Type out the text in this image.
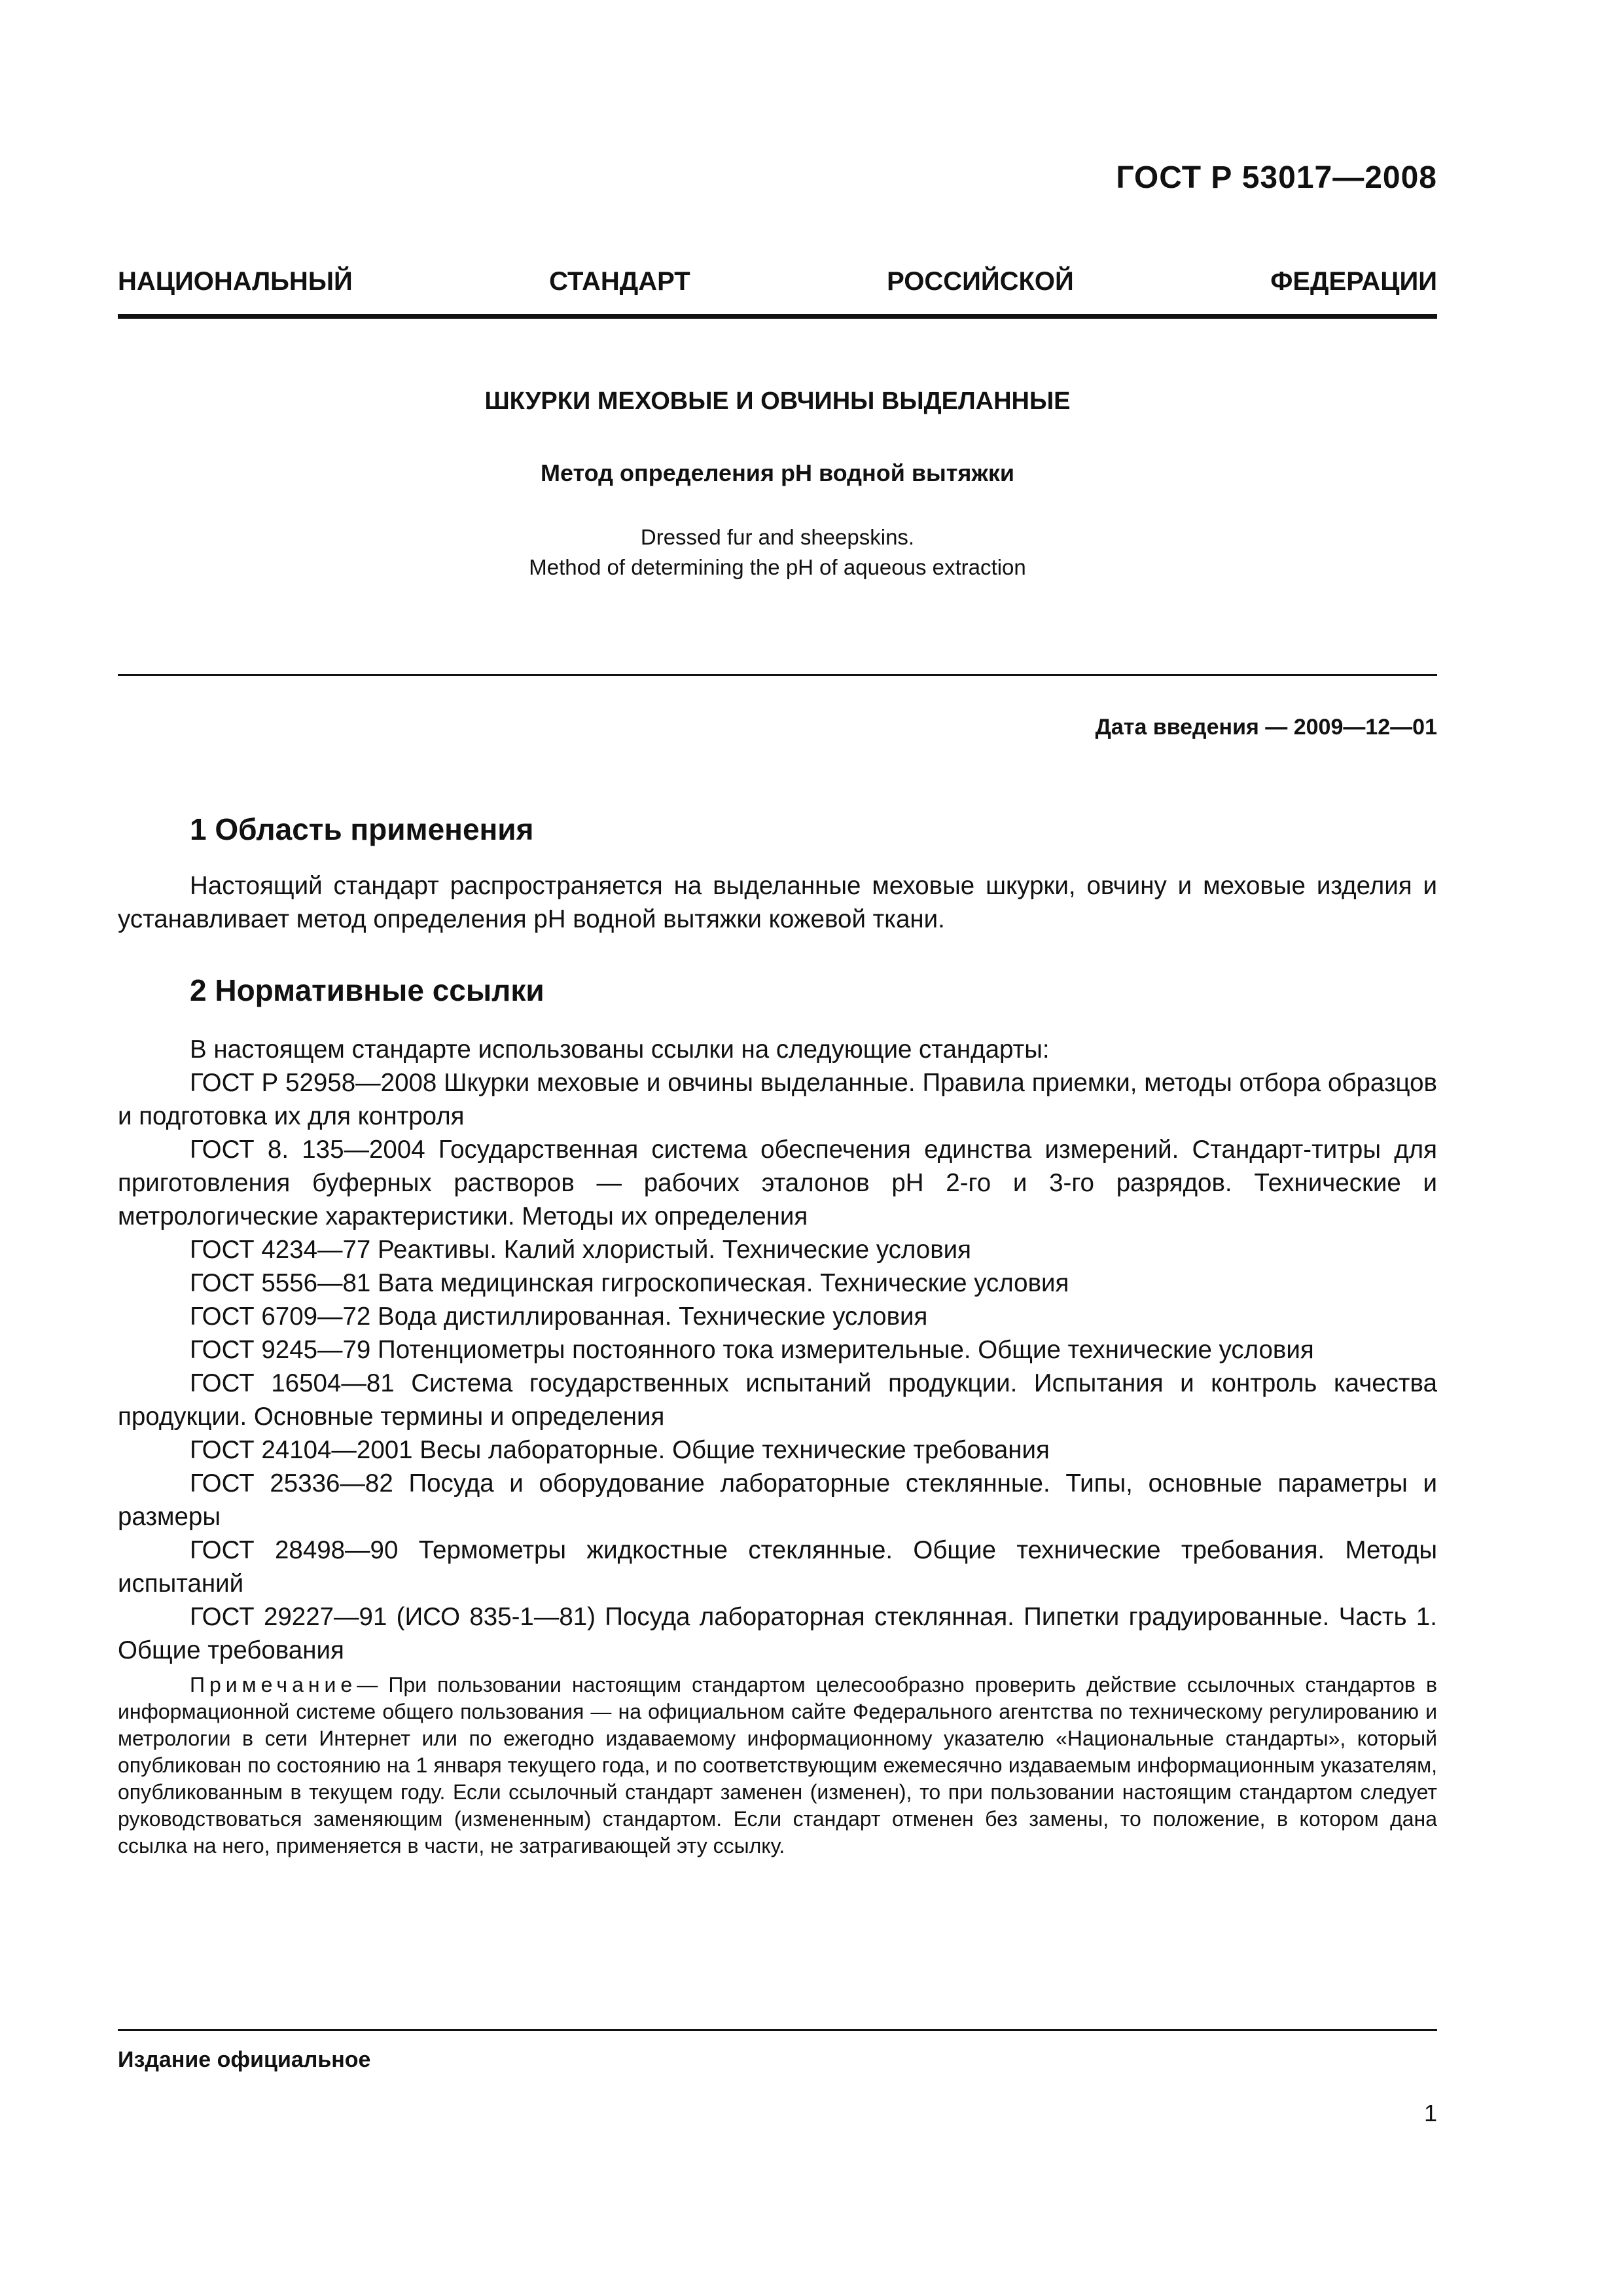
ГОСТ Р 53017—2008
НАЦИОНАЛЬНЫЙ	СТАНДАРТ	РОССИЙСКОЙ	ФЕДЕРАЦИИ
ШКУРКИ МЕХОВЫЕ И ОВЧИНЫ ВЫДЕЛАННЫЕ
Метод определения pH водной вытяжки
Dressed fur and sheepskins.
Method of determining the pH of aqueous extraction
Дата введения — 2009—12—01
1 Область применения
Настоящий стандарт распространяется на выделанные меховые шкурки, овчину и меховые изделия и устанавливает метод определения pH водной вытяжки кожевой ткани.
2 Нормативные ссылки
В настоящем стандарте использованы ссылки на следующие стандарты:
ГОСТ Р 52958—2008 Шкурки меховые и овчины выделанные. Правила приемки, методы отбора образцов и подготовка их для контроля
ГОСТ 8. 135—2004 Государственная система обеспечения единства измерений. Стандарт-титры для приготовления буферных растворов — рабочих эталонов pH 2-го и 3-го разрядов. Технические и метрологические характеристики. Методы их определения
ГОСТ 4234—77 Реактивы. Калий хлористый. Технические условия
ГОСТ 5556—81 Вата медицинская гигроскопическая. Технические условия
ГОСТ 6709—72 Вода дистиллированная. Технические условия
ГОСТ 9245—79 Потенциометры постоянного тока измерительные. Общие технические условия
ГОСТ 16504—81 Система государственных испытаний продукции. Испытания и контроль качества продукции. Основные термины и определения
ГОСТ 24104—2001 Весы лабораторные. Общие технические требования
ГОСТ 25336—82 Посуда и оборудование лабораторные стеклянные. Типы, основные параметры и размеры
ГОСТ 28498—90 Термометры жидкостные стеклянные. Общие технические требования. Методы испытаний
ГОСТ 29227—91 (ИСО 835-1—81) Посуда лабораторная стеклянная. Пипетки градуированные. Часть 1. Общие требования
Примечание— При пользовании настоящим стандартом целесообразно проверить действие ссылочных стандартов в информационной системе общего пользования — на официальном сайте Федерального агентства по техническому регулированию и метрологии в сети Интернет или по ежегодно издаваемому информационному указателю «Национальные стандарты», который опубликован по состоянию на 1 января текущего года, и по соответствующим ежемесячно издаваемым информационным указателям, опубликованным в текущем году. Если ссылочный стандарт заменен (изменен), то при пользовании настоящим стандартом следует руководствоваться заменяющим (измененным) стандартом. Если стандарт отменен без замены, то положение, в котором дана ссылка на него, применяется в части, не затрагивающей эту ссылку.
Издание официальное
1
